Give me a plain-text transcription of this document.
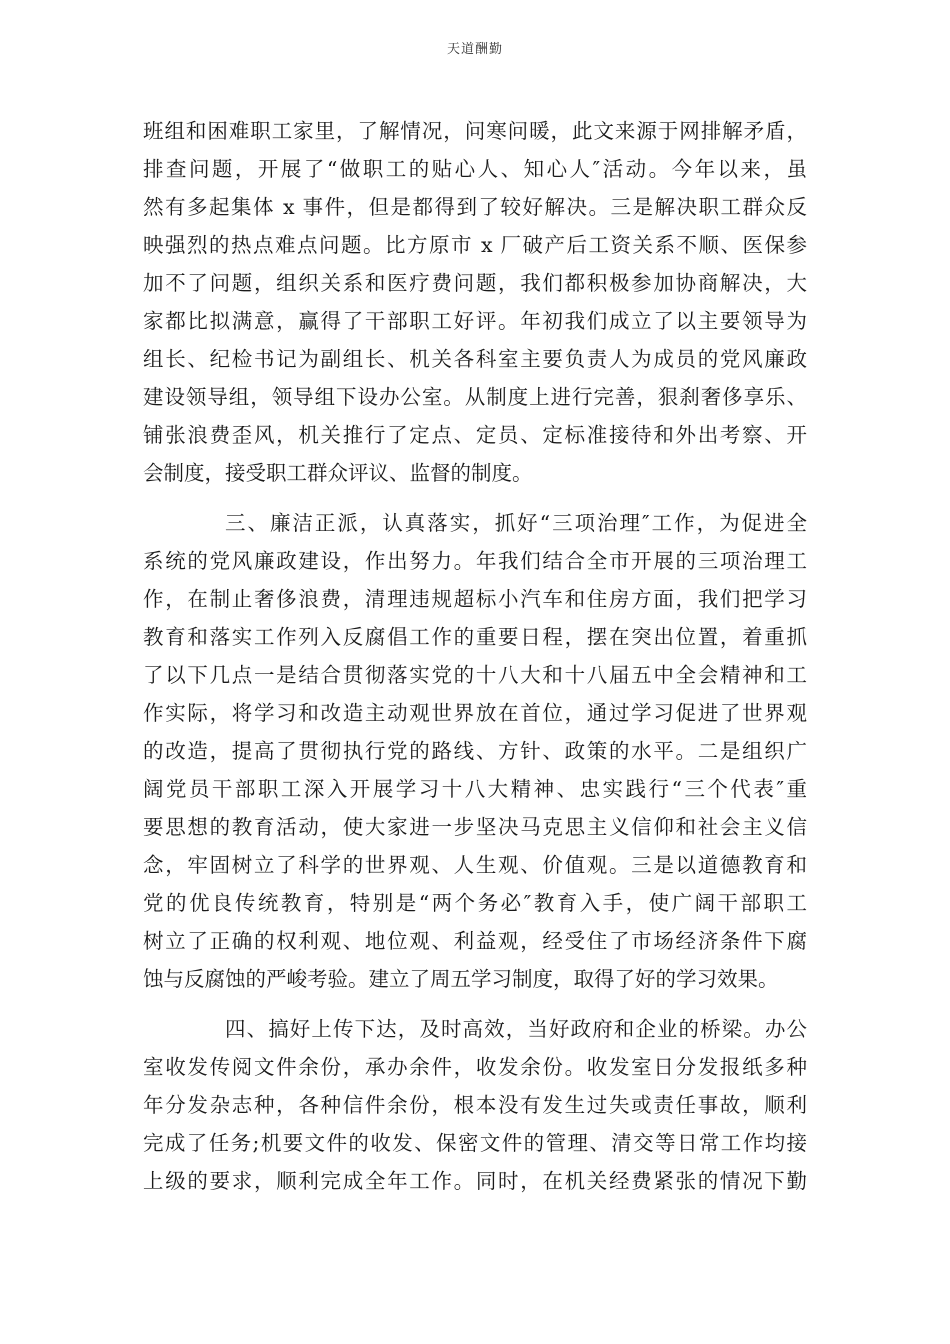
天道酬勤
班组和困难职工家里，了解情况，问寒问暖，此文来源于网排解矛盾，
排查问题，开展了“做职工的贴心人、知心人″活动。今年以来，虽
然有多起集体 x 事件，但是都得到了较好解决。三是解决职工群众反
映强烈的热点难点问题。比方原市 x 厂破产后工资关系不顺、医保参
加不了问题，组织关系和医疗费问题，我们都积极参加协商解决，大
家都比拟满意，赢得了干部职工好评。年初我们成立了以主要领导为
组长、纪检书记为副组长、机关各科室主要负责人为成员的党风廉政
建设领导组，领导组下设办公室。从制度上进行完善，狠刹奢侈享乐、
铺张浪费歪风，机关推行了定点、定员、定标准接待和外出考察、开
会制度，接受职工群众评议、监督的制度。
三、廉洁正派，认真落实，抓好“三项治理″工作，为促进全
系统的党风廉政建设，作出努力。年我们结合全市开展的三项治理工
作，在制止奢侈浪费，清理违规超标小汽车和住房方面，我们把学习
教育和落实工作列入反腐倡工作的重要日程，摆在突出位置，着重抓
了以下几点一是结合贯彻落实党的十八大和十八届五中全会精神和工
作实际，将学习和改造主动观世界放在首位，通过学习促进了世界观
的改造，提高了贯彻执行党的路线、方针、政策的水平。二是组织广
阔党员干部职工深入开展学习十八大精神、忠实践行“三个代表″重
要思想的教育活动，使大家进一步坚决马克思主义信仰和社会主义信
念，牢固树立了科学的世界观、人生观、价值观。三是以道德教育和
党的优良传统教育，特别是“两个务必″教育入手，使广阔干部职工
树立了正确的权利观、地位观、利益观，经受住了市场经济条件下腐
蚀与反腐蚀的严峻考验。建立了周五学习制度，取得了好的学习效果。
四、搞好上传下达，及时高效，当好政府和企业的桥梁。办公
室收发传阅文件余份，承办余件，收发余份。收发室日分发报纸多种
年分发杂志种，各种信件余份，根本没有发生过失或责任事故，顺利
完成了任务;机要文件的收发、保密文件的管理、清交等日常工作均接
上级的要求，顺利完成全年工作。同时，在机关经费紧张的情况下勤
